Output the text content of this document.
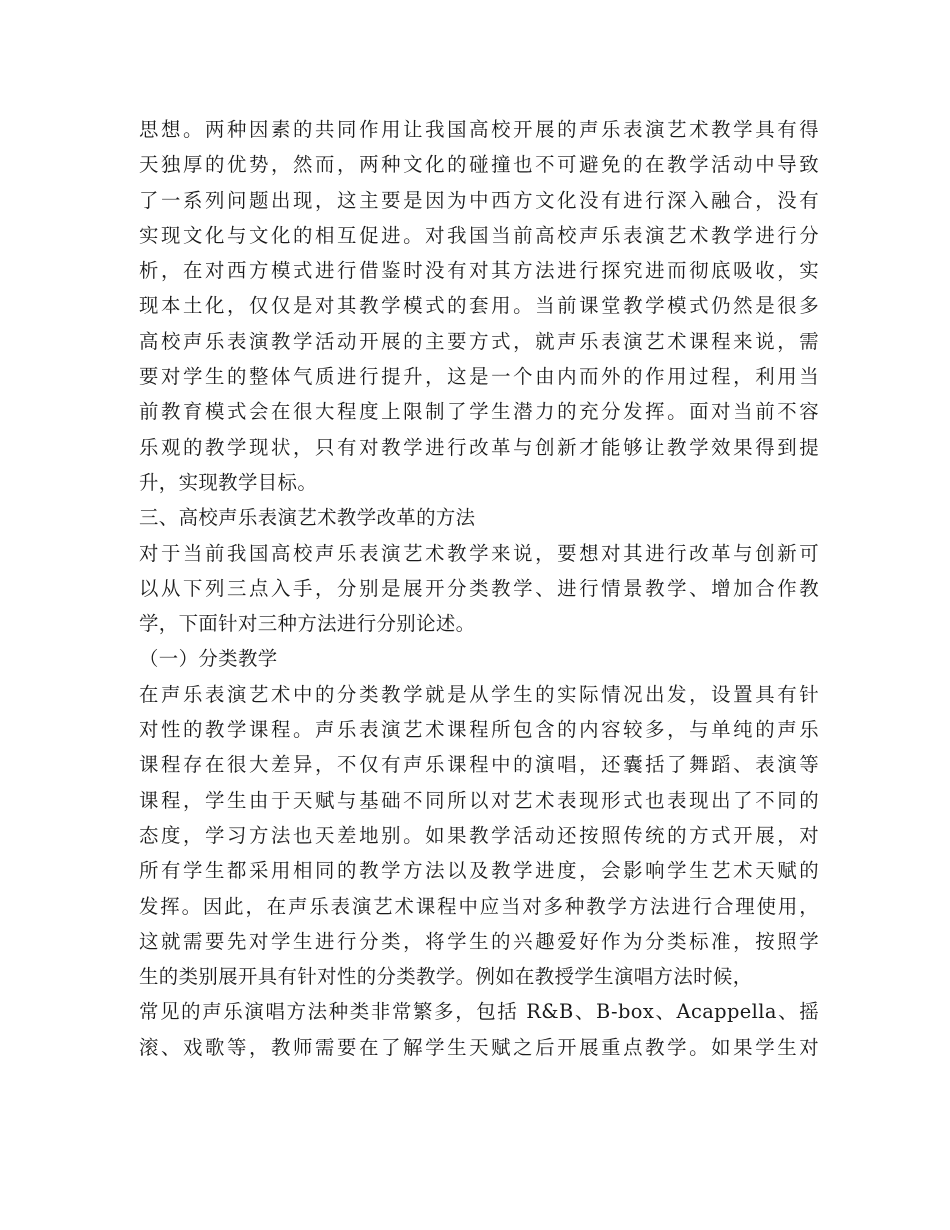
思想。两种因素的共同作用让我国高校开展的声乐表演艺术教学具有得
天独厚的优势，然而，两种文化的碰撞也不可避免的在教学活动中导致
了一系列问题出现，这主要是因为中西方文化没有进行深入融合，没有
实现文化与文化的相互促进。对我国当前高校声乐表演艺术教学进行分
析，在对西方模式进行借鉴时没有对其方法进行探究进而彻底吸收，实
现本土化，仅仅是对其教学模式的套用。当前课堂教学模式仍然是很多
高校声乐表演教学活动开展的主要方式，就声乐表演艺术课程来说，需
要对学生的整体气质进行提升，这是一个由内而外的作用过程，利用当
前教育模式会在很大程度上限制了学生潜力的充分发挥。面对当前不容
乐观的教学现状，只有对教学进行改革与创新才能够让教学效果得到提
升，实现教学目标。
三、高校声乐表演艺术教学改革的方法
对于当前我国高校声乐表演艺术教学来说，要想对其进行改革与创新可
以从下列三点入手，分别是展开分类教学、进行情景教学、增加合作教
学，下面针对三种方法进行分别论述。
（一）分类教学
在声乐表演艺术中的分类教学就是从学生的实际情况出发，设置具有针
对性的教学课程。声乐表演艺术课程所包含的内容较多，与单纯的声乐
课程存在很大差异，不仅有声乐课程中的演唱，还囊括了舞蹈、表演等
课程，学生由于天赋与基础不同所以对艺术表现形式也表现出了不同的
态度，学习方法也天差地别。如果教学活动还按照传统的方式开展，对
所有学生都采用相同的教学方法以及教学进度，会影响学生艺术天赋的
发挥。因此，在声乐表演艺术课程中应当对多种教学方法进行合理使用，
这就需要先对学生进行分类，将学生的兴趣爱好作为分类标准，按照学
生的类别展开具有针对性的分类教学。例如在教授学生演唱方法时候，
常见的声乐演唱方法种类非常繁多，包括 R&B、B-box、Acappella、摇
滚、戏歌等，教师需要在了解学生天赋之后开展重点教学。如果学生对
